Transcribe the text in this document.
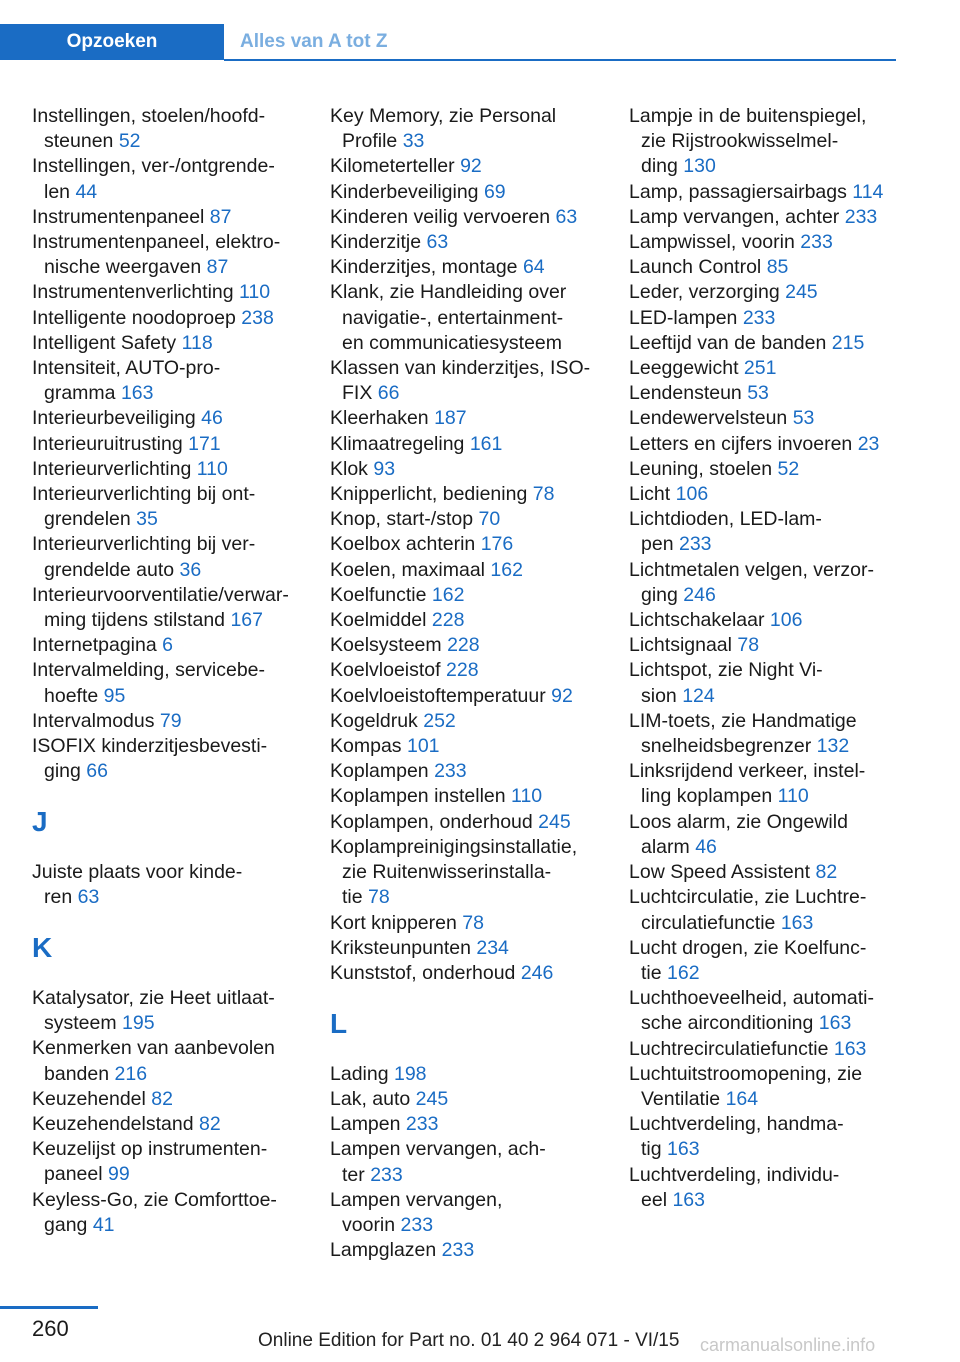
Opzoeken	Alles van A tot Z
Instellingen, stoelen/hoofd-
steunen 52
Instellingen, ver-/ontgrende-
len 44
Instrumentenpaneel 87
Instrumentenpaneel, elektro-
nische weergaven 87
Instrumentenverlichting 110
Intelligente noodoproep 238
Intelligent Safety 118
Intensiteit, AUTO-pro-
gramma 163
Interieurbeveiliging 46
Interieuruitrusting 171
Interieurverlichting 110
Interieurverlichting bij ont-
grendelen 35
Interieurverlichting bij ver-
grendelde auto 36
Interieurvoorventilatie/verwar-
ming tijdens stilstand 167
Internetpagina 6
Intervalmelding, servicebe-
hoefte 95
Intervalmodus 79
ISOFIX kinderzitjesbevesti-
ging 66
J
Juiste plaats voor kinde-
ren 63
K
Katalysator, zie Heet uitlaat-
systeem 195
Kenmerken van aanbevolen
banden 216
Keuzehendel 82
Keuzehendelstand 82
Keuzelijst op instrumenten-
paneel 99
Keyless-Go, zie Comforttoe-
gang 41
Key Memory, zie Personal
Profile 33
Kilometerteller 92
Kinderbeveiliging 69
Kinderen veilig vervoeren 63
Kinderzitje 63
Kinderzitjes, montage 64
Klank, zie Handleiding over
navigatie-, entertainment-
en communicatiesysteem
Klassen van kinderzitjes, ISO-
FIX 66
Kleerhaken 187
Klimaatregeling 161
Klok 93
Knipperlicht, bediening 78
Knop, start-/stop 70
Koelbox achterin 176
Koelen, maximaal 162
Koelfunctie 162
Koelmiddel 228
Koelsysteem 228
Koelvloeistof 228
Koelvloeistoftemperatuur 92
Kogeldruk 252
Kompas 101
Koplampen 233
Koplampen instellen 110
Koplampen, onderhoud 245
Koplampreinigingsinstallatie,
zie Ruitenwisserinstalla-
tie 78
Kort knipperen 78
Kriksteunpunten 234
Kunststof, onderhoud 246
L
Lading 198
Lak, auto 245
Lampen 233
Lampen vervangen, ach-
ter 233
Lampen vervangen,
voorin 233
Lampglazen 233
Lampje in de buitenspiegel,
zie Rijstrookwisselmel-
ding 130
Lamp, passagiersairbags 114
Lamp vervangen, achter 233
Lampwissel, voorin 233
Launch Control 85
Leder, verzorging 245
LED-lampen 233
Leeftijd van de banden 215
Leeggewicht 251
Lendensteun 53
Lendewervelsteun 53
Letters en cijfers invoeren 23
Leuning, stoelen 52
Licht 106
Lichtdioden, LED-lam-
pen 233
Lichtmetalen velgen, verzor-
ging 246
Lichtschakelaar 106
Lichtsignaal 78
Lichtspot, zie Night Vi-
sion 124
LIM-toets, zie Handmatige
snelheidsbegrenzer 132
Linksrijdend verkeer, instel-
ling koplampen 110
Loos alarm, zie Ongewild
alarm 46
Low Speed Assistent 82
Luchtcirculatie, zie Luchtre-
circulatiefunctie 163
Lucht drogen, zie Koelfunc-
tie 162
Luchthoeveelheid, automati-
sche airconditioning 163
Luchtrecirculatiefunctie 163
Luchtuitstroomopening, zie
Ventilatie 164
Luchtverdeling, handma-
tig 163
Luchtverdeling, individu-
eel 163
260	Online Edition for Part no. 01 40 2 964 071 - VI/15 carmanualsonline.info
